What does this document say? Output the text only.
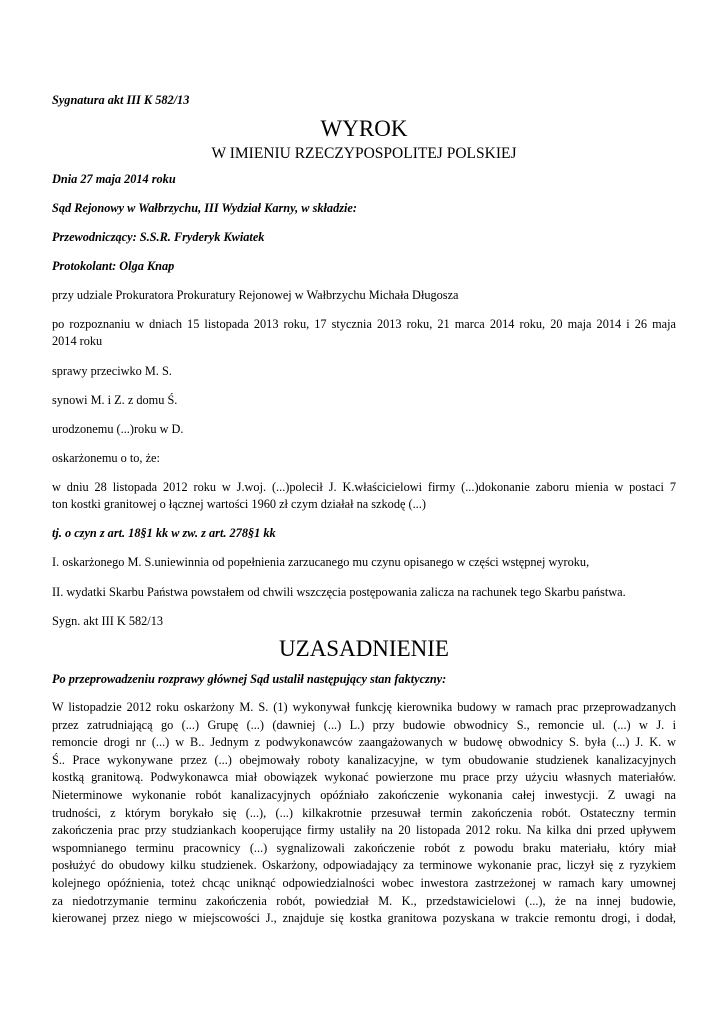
Sygnatura akt III K 582/13

WYROK

W IMIENIU RZECZYPOSPOLITEJ POLSKIEJ

Dnia 27 maja 2014 roku

Sąd Rejonowy w Wałbrzychu, III Wydział Karny, w składzie:

Przewodniczący: S.S.R. Fryderyk Kwiatek

Protokolant: Olga Knap

przy udziale Prokuratora Prokuratury Rejonowej w Wałbrzychu Michała Długosza

po rozpoznaniu w dniach 15 listopada 2013 roku, 17 stycznia 2013 roku, 21 marca 2014 roku, 20 maja 2014 i 26 maja

2014 roku

sprawy przeciwko M. S.

synowi M. i Z. z domu Ś.

urodzonemu (...)roku w D.

oskarżonemu o to, że:

w dniu 28 listopada 2012 roku w J.woj. (...)polecił J. K.właścicielowi firmy (...)dokonanie zaboru mienia w postaci 7

ton kostki granitowej o łącznej wartości 1960 zł czym działał na szkodę (...)

tj. o czyn z art. 18§1 kk w zw. z art. 278§1 kk

I. oskarżonego M. S.uniewinnia od popełnienia zarzucanego mu czynu opisanego w części wstępnej wyroku,

II. wydatki Skarbu Państwa powstałem od chwili wszczęcia postępowania zalicza na rachunek tego Skarbu państwa.

Sygn. akt III K 582/13

UZASADNIENIE

Po przeprowadzeniu rozprawy głównej Sąd ustalił następujący stan faktyczny:

W listopadzie 2012 roku oskarżony M. S. (1) wykonywał funkcję kierownika budowy w ramach prac przeprowadzanych

przez zatrudniającą go (...) Grupę (...) (dawniej (...) L.) przy budowie obwodnicy S., remoncie ul. (...) w J. i

remoncie drogi nr (...) w B.. Jednym z podwykonawców zaangażowanych w budowę obwodnicy S. była (...) J. K. w

Ś.. Prace wykonywane przez (...) obejmowały roboty kanalizacyjne, w tym obudowanie studzienek kanalizacyjnych

kostką granitową. Podwykonawca miał obowiązek wykonać powierzone mu prace przy użyciu własnych materiałów.

Nieterminowe wykonanie robót kanalizacyjnych opóźniało zakończenie wykonania całej inwestycji. Z uwagi na

trudności, z którym borykało się (...), (...) kilkakrotnie przesuwał termin zakończenia robót. Ostateczny termin

zakończenia prac przy studziankach kooperujące firmy ustaliły na 20 listopada 2012 roku. Na kilka dni przed upływem

wspomnianego terminu pracownicy (...) sygnalizowali zakończenie robót z powodu braku materiału, który miał

posłużyć do obudowy kilku studzienek. Oskarżony, odpowiadający za terminowe wykonanie prac, liczył się z ryzykiem

kolejnego opóźnienia, toteż chcąc uniknąć odpowiedzialności wobec inwestora zastrzeżonej w ramach kary umownej

za niedotrzymanie terminu zakończenia robót, powiedział M. K., przedstawicielowi (...), że na innej budowie,

kierowanej przez niego w miejscowości J., znajduje się kostka granitowa pozyskana w trakcie remontu drogi, i dodał,
